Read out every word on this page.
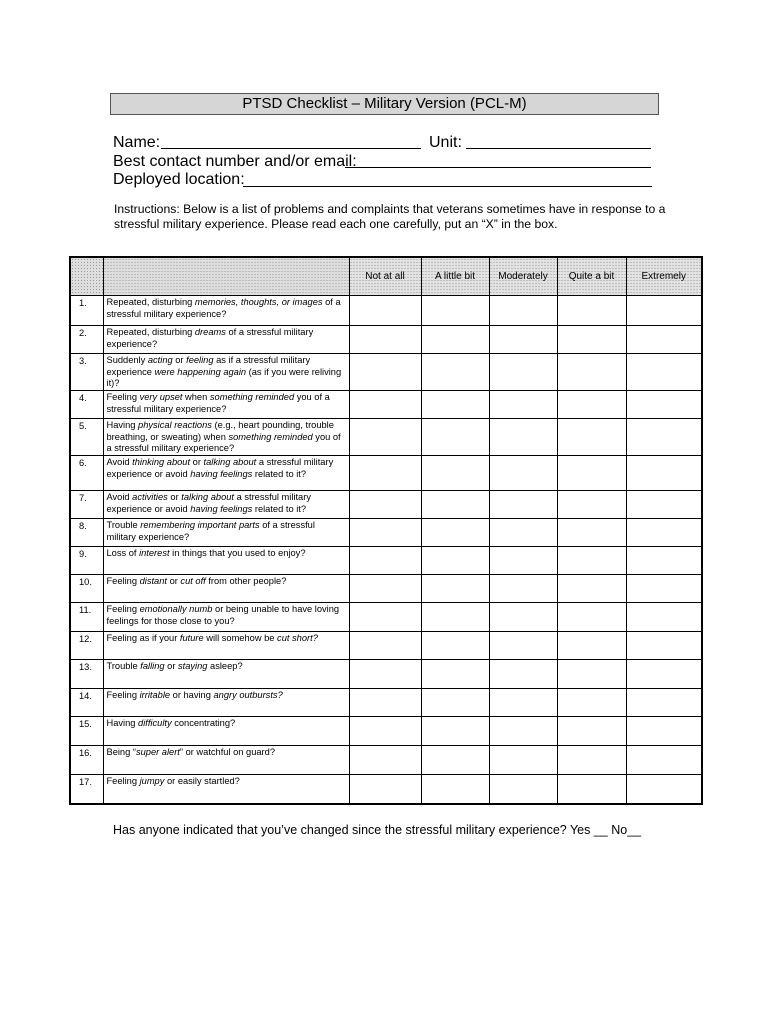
PTSD Checklist – Military Version (PCL-M)
Name:	Unit:
Best contact number and/or email:
Deployed location:
Instructions: Below is a list of problems and complaints that veterans sometimes have in response to a stressful military experience. Please read each one carefully, put an “X” in the box.
		Not at all	A little bit	Moderately	Quite a bit	Extremely
1.	Repeated, disturbing memories, thoughts, or images of a stressful military experience?					
2.	Repeated, disturbing dreams of a stressful military experience?					
3.	Suddenly acting or feeling as if a stressful military experience were happening again (as if you were reliving it)?					
4.	Feeling very upset when something reminded you of a stressful military experience?					
5.	Having physical reactions (e.g., heart pounding, trouble breathing, or sweating) when something reminded you of a stressful military experience?					
6.	Avoid thinking about or talking about a stressful military experience or avoid having feelings related to it?					
7.	Avoid activities or talking about a stressful military experience or avoid having feelings related to it?					
8.	Trouble remembering important parts of a stressful military experience?					
9.	Loss of interest in things that you used to enjoy?					
10.	Feeling distant or cut off from other people?					
11.	Feeling emotionally numb or being unable to have loving feelings for those close to you?					
12.	Feeling as if your future will somehow be cut short?					
13.	Trouble falling or staying asleep?					
14.	Feeling irritable or having angry outbursts?					
15.	Having difficulty concentrating?					
16.	Being “super alert” or watchful on guard?					
17.	Feeling jumpy or easily startled?					
Has anyone indicated that you’ve changed since the stressful military experience? Yes __ No__
